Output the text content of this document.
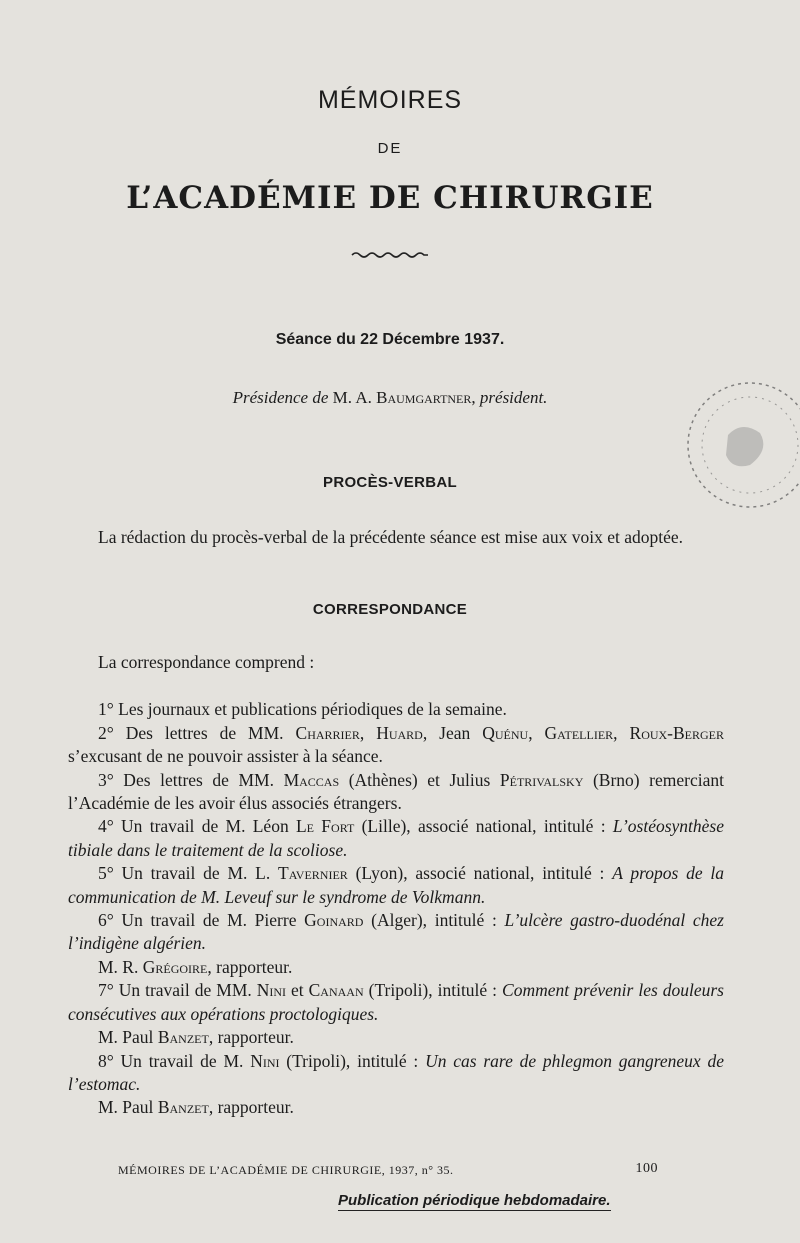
MÉMOIRES
DE
L’ACADÉMIE DE CHIRURGIE
Séance du 22 Décembre 1937.
Présidence de M. A. Baumgartner, président.
PROCÈS-VERBAL

La rédaction du procès-verbal de la précédente séance est mise aux voix et adoptée.

CORRESPONDANCE

La correspondance comprend :

1° Les journaux et publications périodiques de la semaine.

2° Des lettres de MM. Charrier, Huard, Jean Quénu, Gatellier, Roux-Berger s’excusant de ne pouvoir assister à la séance.

3° Des lettres de MM. Maccas (Athènes) et Julius Pétrivalsky (Brno) remerciant l’Académie de les avoir élus associés étrangers.

4° Un travail de M. Léon Le Fort (Lille), associé national, intitulé : L’ostéosynthèse tibiale dans le traitement de la scoliose.

5° Un travail de M. L. Tavernier (Lyon), associé national, intitulé : A propos de la communication de M. Leveuf sur le syndrome de Volkmann.

6° Un travail de M. Pierre Goinard (Alger), intitulé : L’ulcère gastro-duodénal chez l’indigène algérien.

M. R. Grégoire, rapporteur.

7° Un travail de MM. Nini et Canaan (Tripoli), intitulé : Comment prévenir les douleurs consécutives aux opérations proctologiques.

M. Paul Banzet, rapporteur.

8° Un travail de M. Nini (Tripoli), intitulé : Un cas rare de phlegmon gangreneux de l’estomac.

M. Paul Banzet, rapporteur.

MÉMOIRES DE L’ACADÉMIE DE CHIRURGIE, 1937, n° 35.	100
Publication périodique hebdomadaire.
